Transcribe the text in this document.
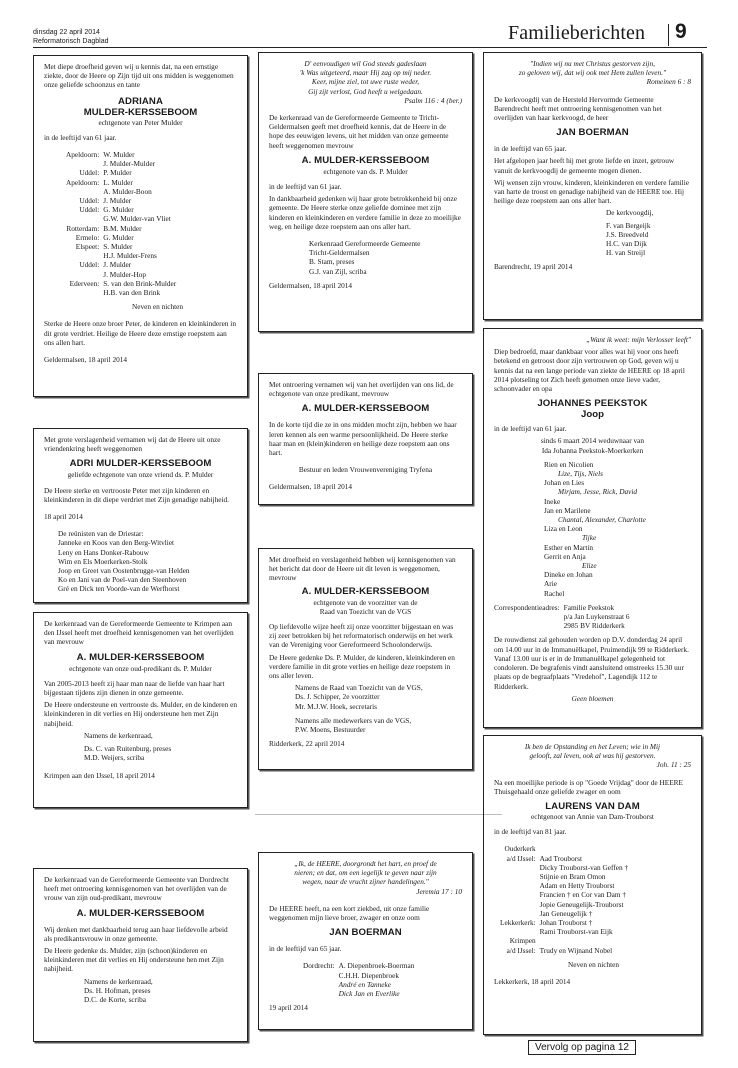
dinsdag 22 april 2014
Reformatorisch Dagblad	Familieberichten 9

Met diepe droefheid geven wij u kennis dat, na een ernstige ziekte, door de Heere op Zijn tijd uit ons midden is weggenomen onze geliefde schoonzus en tante

ADRIANA
MULDER-KERSSEBOOM
echtgenote van Peter Mulder

in de leeftijd van 61 jaar.

Apeldoorn:	W. Mulder
	J. Mulder-Mulder
Uddel:	P. Mulder
Apeldoorn:	L. Mulder
	A. Mulder-Boon
Uddel:	J. Mulder
Uddel:	G. Mulder
	G.W. Mulder-van Vliet
Rotterdam:	B.M. Mulder
Ermelo:	G. Mulder
Elspeet:	S. Mulder
	H.J. Mulder-Frens
Uddel:	J. Mulder
	J. Mulder-Hop
Ederveen:	S. van den Brink-Mulder
	H.B. van den Brink

Neven en nichten

Sterke de Heere onze broer Peter, de kinderen en kleinkinderen in dit grote verdriet. Heilige de Heere deze ernstige roepstem aan ons allen hart.

Geldermalsen, 18 april 2014

Met grote verslagenheid vernamen wij dat de Heere uit onze vriendenkring heeft weggenomen

ADRI MULDER-KERSSEBOOM
geliefde echtgenote van onze vriend ds. P. Mulder

De Heere sterke en vertrooste Peter met zijn kinderen en kleinkinderen in dit diepe verdriet met Zijn genadige nabijheid.

18 april 2014

De reünisten van de Driestar:

Janneke en Koos van den Berg-Witvliet
Leny en Hans Donker-Rabouw
Wim en Els Moerkerken-Stolk
Joop en Greet van Oostenbrugge-van Helden
Ko en Jani van de Poel-van den Steenhoven
Gré en Dick ten Voorde-van de Werfhorst

De kerkenraad van de Gereformeerde Gemeente te Krimpen aan den IJssel heeft met droefheid kennisgenomen van het overlijden van mevrouw

A. MULDER-KERSSEBOOM
echtgenote van onze oud-predikant ds. P. Mulder

Van 2005-2013 heeft zij haar man naar de liefde van haar hart bijgestaan tijdens zijn dienen in onze gemeente.

De Heere ondersteune en vertrooste ds. Mulder, en de kinderen en kleinkinderen in dit verlies en Hij ondersteune hen met Zijn nabijheid.

Namens de kerkenraad,

Ds. C. van Ruitenburg, preses
M.D. Weijers, scriba

Krimpen aan den IJssel, 18 april 2014

De kerkenraad van de Gereformeerde Gemeente van Dordrecht heeft met ontroering kennisgenomen van het overlijden van de vrouw van zijn oud-predikant, mevrouw

A. MULDER-KERSSEBOOM

Wij denken met dankbaarheid terug aan haar liefdevolle arbeid als predikantsvrouw in onze gemeente.

De Heere gedenke ds. Mulder, zijn (schoon)kinderen en kleinkinderen met dit verlies en Hij ondersteune hen met Zijn nabijheid.

Namens de kerkenraad,

Ds. H. Hofman, preses
D.C. de Korte, scriba
D' eenvoudigen wil God steeds gadeslaan
'k Was uitgeteerd, maar Hij zag op mij neder.
Keer, mijne ziel, tot uwe ruste weder,
Gij zijt verlost, God heeft u welgedaan.

Psalm 116 : 4 (ber.)

De kerkenraad van de Gereformeerde Gemeente te Tricht-Geldermalsen geeft met droefheid kennis, dat de Heere in de hope des eeuwigen levens, uit het midden van onze gemeente heeft weggenomen mevrouw

A. MULDER-KERSSEBOOM
echtgenote van ds. P. Mulder

in de leeftijd van 61 jaar.

In dankbaarheid gedenken wij haar grote betrokkenheid bij onze gemeente. De Heere sterke onze geliefde dominee met zijn kinderen en kleinkinderen en verdere familie in deze zo moeilijke weg, en heilige deze roepstem aan ons aller hart.

Kerkenraad Gereformeerde Gemeente
Tricht-Geldermalsen
B. Stam, preses
G.J. van Zijl, scriba

Geldermalsen, 18 april 2014

Met ontroering vernamen wij van het overlijden van ons lid, de echtgenote van onze predikant, mevrouw

A. MULDER-KERSSEBOOM

In de korte tijd die ze in ons midden mocht zijn, hebben we haar leren kennen als een warme persoonlijkheid. De Heere sterke haar man en (klein)kinderen en heilige deze roepstem aan ons hart.

Bestuur en leden Vrouwenvereniging Tryfena

Geldermalsen, 18 april 2014

Met droefheid en verslagenheid hebben wij kennisgenomen van het bericht dat door de Heere uit dit leven is weggenomen, mevrouw

A. MULDER-KERSSEBOOM
echtgenote van de voorzitter van de
Raad van Toezicht van de VGS

Op liefdevolle wijze heeft zij onze voorzitter bijgestaan en was zij zeer betrokken bij het reformatorisch onderwijs en het werk van de Vereniging voor Gereformeerd Schoolonderwijs.

De Heere gedenke Ds. P. Mulder, de kinderen, kleinkinderen en verdere familie in dit grote verlies en heilige deze roepstem in ons aller leven.

Namens de Raad van Toezicht van de VGS,
Ds. J. Schipper, 2e voorzitter
Mr. M.J.W. Hoek, secretaris
Namens alle medewerkers van de VGS,
P.W. Moens, Bestuurder

Ridderkerk, 22 april 2014

„Ik, de HEERE, doorgrondt het hart, en proef de
nieren; en dat, om een iegelijk te geven naar zijn
wegen, naar de vrucht zijner handelingen."

Jeremia 17 : 10

De HEERE heeft, na een kort ziekbed, uit onze familie weggenomen mijn lieve broer, zwager en onze oom

JAN BOERMAN

in de leeftijd van 65 jaar.

Dordrecht:	A. Diepenbroek-Boerman
	C.H.H. Diepenbroek
	André en Tanneke
	Dick Jan en Everlike

19 april 2014

"Indien wij nu met Christus gestorven zijn,
zo geloven wij, dat wij ook met Hem zullen leven."

Romeinen 6 : 8

De kerkvoogdij van de Hersteld Hervormde Gemeente Barendrecht heeft met ontroering kennisgenomen van het overlijden van haar kerkvoogd, de heer

JAN BOERMAN

in de leeftijd van 65 jaar.

Het afgelopen jaar heeft hij met grote liefde en inzet, getrouw vanuit de kerkvoogdij de gemeente mogen dienen.

Wij wensen zijn vrouw, kinderen, kleinkinderen en verdere familie van harte de troost en genadige nabijheid van de HEERE toe. Hij heilige deze roepstem aan ons aller hart.

De kerkvoogdij,

F. van Bergeijk
J.S. Breedveld
H.C. van Dijk
H. van Streijl

Barendrecht, 19 april 2014

„Want ik weet: mijn Verlosser leeft"

Diep bedroefd, maar dankbaar voor alles wat hij voor ons heeft betekend en getroost door zijn vertrouwen op God, geven wij u kennis dat na een lange periode van ziekte de HEERE op 18 april 2014 plotseling tot Zich heeft genomen onze lieve vader, schoonvader en opa

JOHANNES PEEKSTOK
Joop

in de leeftijd van 61 jaar.

sinds 6 maart 2014 weduwnaar van
Ida Johanna Peekstok-Moerkerken
Rien en Nicolien
Lize, Tijs, Niels
Johan en Lies
Mirjam, Jesse, Rick, David
Ineke
Jan en Marilene
Chantal, Alexander, Charlotte
Liza en Leon
Tijke
Esther en Martin
Gerrit en Anja
Elize
Dineke en Johan
Arie
Rachel
Correspondentieadres:	Familie Peekstok
	p/a Jan Luykenstraat 6
	2985 BV Ridderkerk

De rouwdienst zal gehouden worden op D.V. donderdag 24 april om 14.00 uur in de Immanuëlkapel, Pruimendijk 99 te Ridderkerk. Vanaf 13.00 uur is er in de Immanuëlkapel gelegenheid tot condoleren. De begrafenis vindt aansluitend omstreeks 15.30 uur plaats op de begraafplaats "Vredehof", Lagendijk 112 te Ridderkerk.

Geen bloemen

Ik ben de Opstanding en het Leven; wie in Mij
gelooft, zal leven, ook al was hij gestorven.

Joh. 11 : 25

Na een moeilijke periode is op "Goede Vrijdag" door de HEERE Thuisgehaald onze geliefde zwager en oom

LAURENS VAN DAM
echtgenoot van Annie van Dam-Trouborst

in de leeftijd van 81 jaar.

Ouderkerk	
a/d IJssel:	Aad Trouborst
	Dicky Trouborst-van Geffen †
	Stijnie en Bram Omon
	Adam en Hetty Trouborst
	Francien † en Cor van Dam †
	Jopie Geneugelijk-Trouborst
	Jan Geneugelijk †
Lekkerkerk:	Johan Trouborst †
	Rami Trouborst-van Eijk
Krimpen	
a/d IJssel:	Trudy en Wijnand Nobel

Neven en nichten

Lekkerkerk, 18 april 2014

Vervolg op pagina 12
